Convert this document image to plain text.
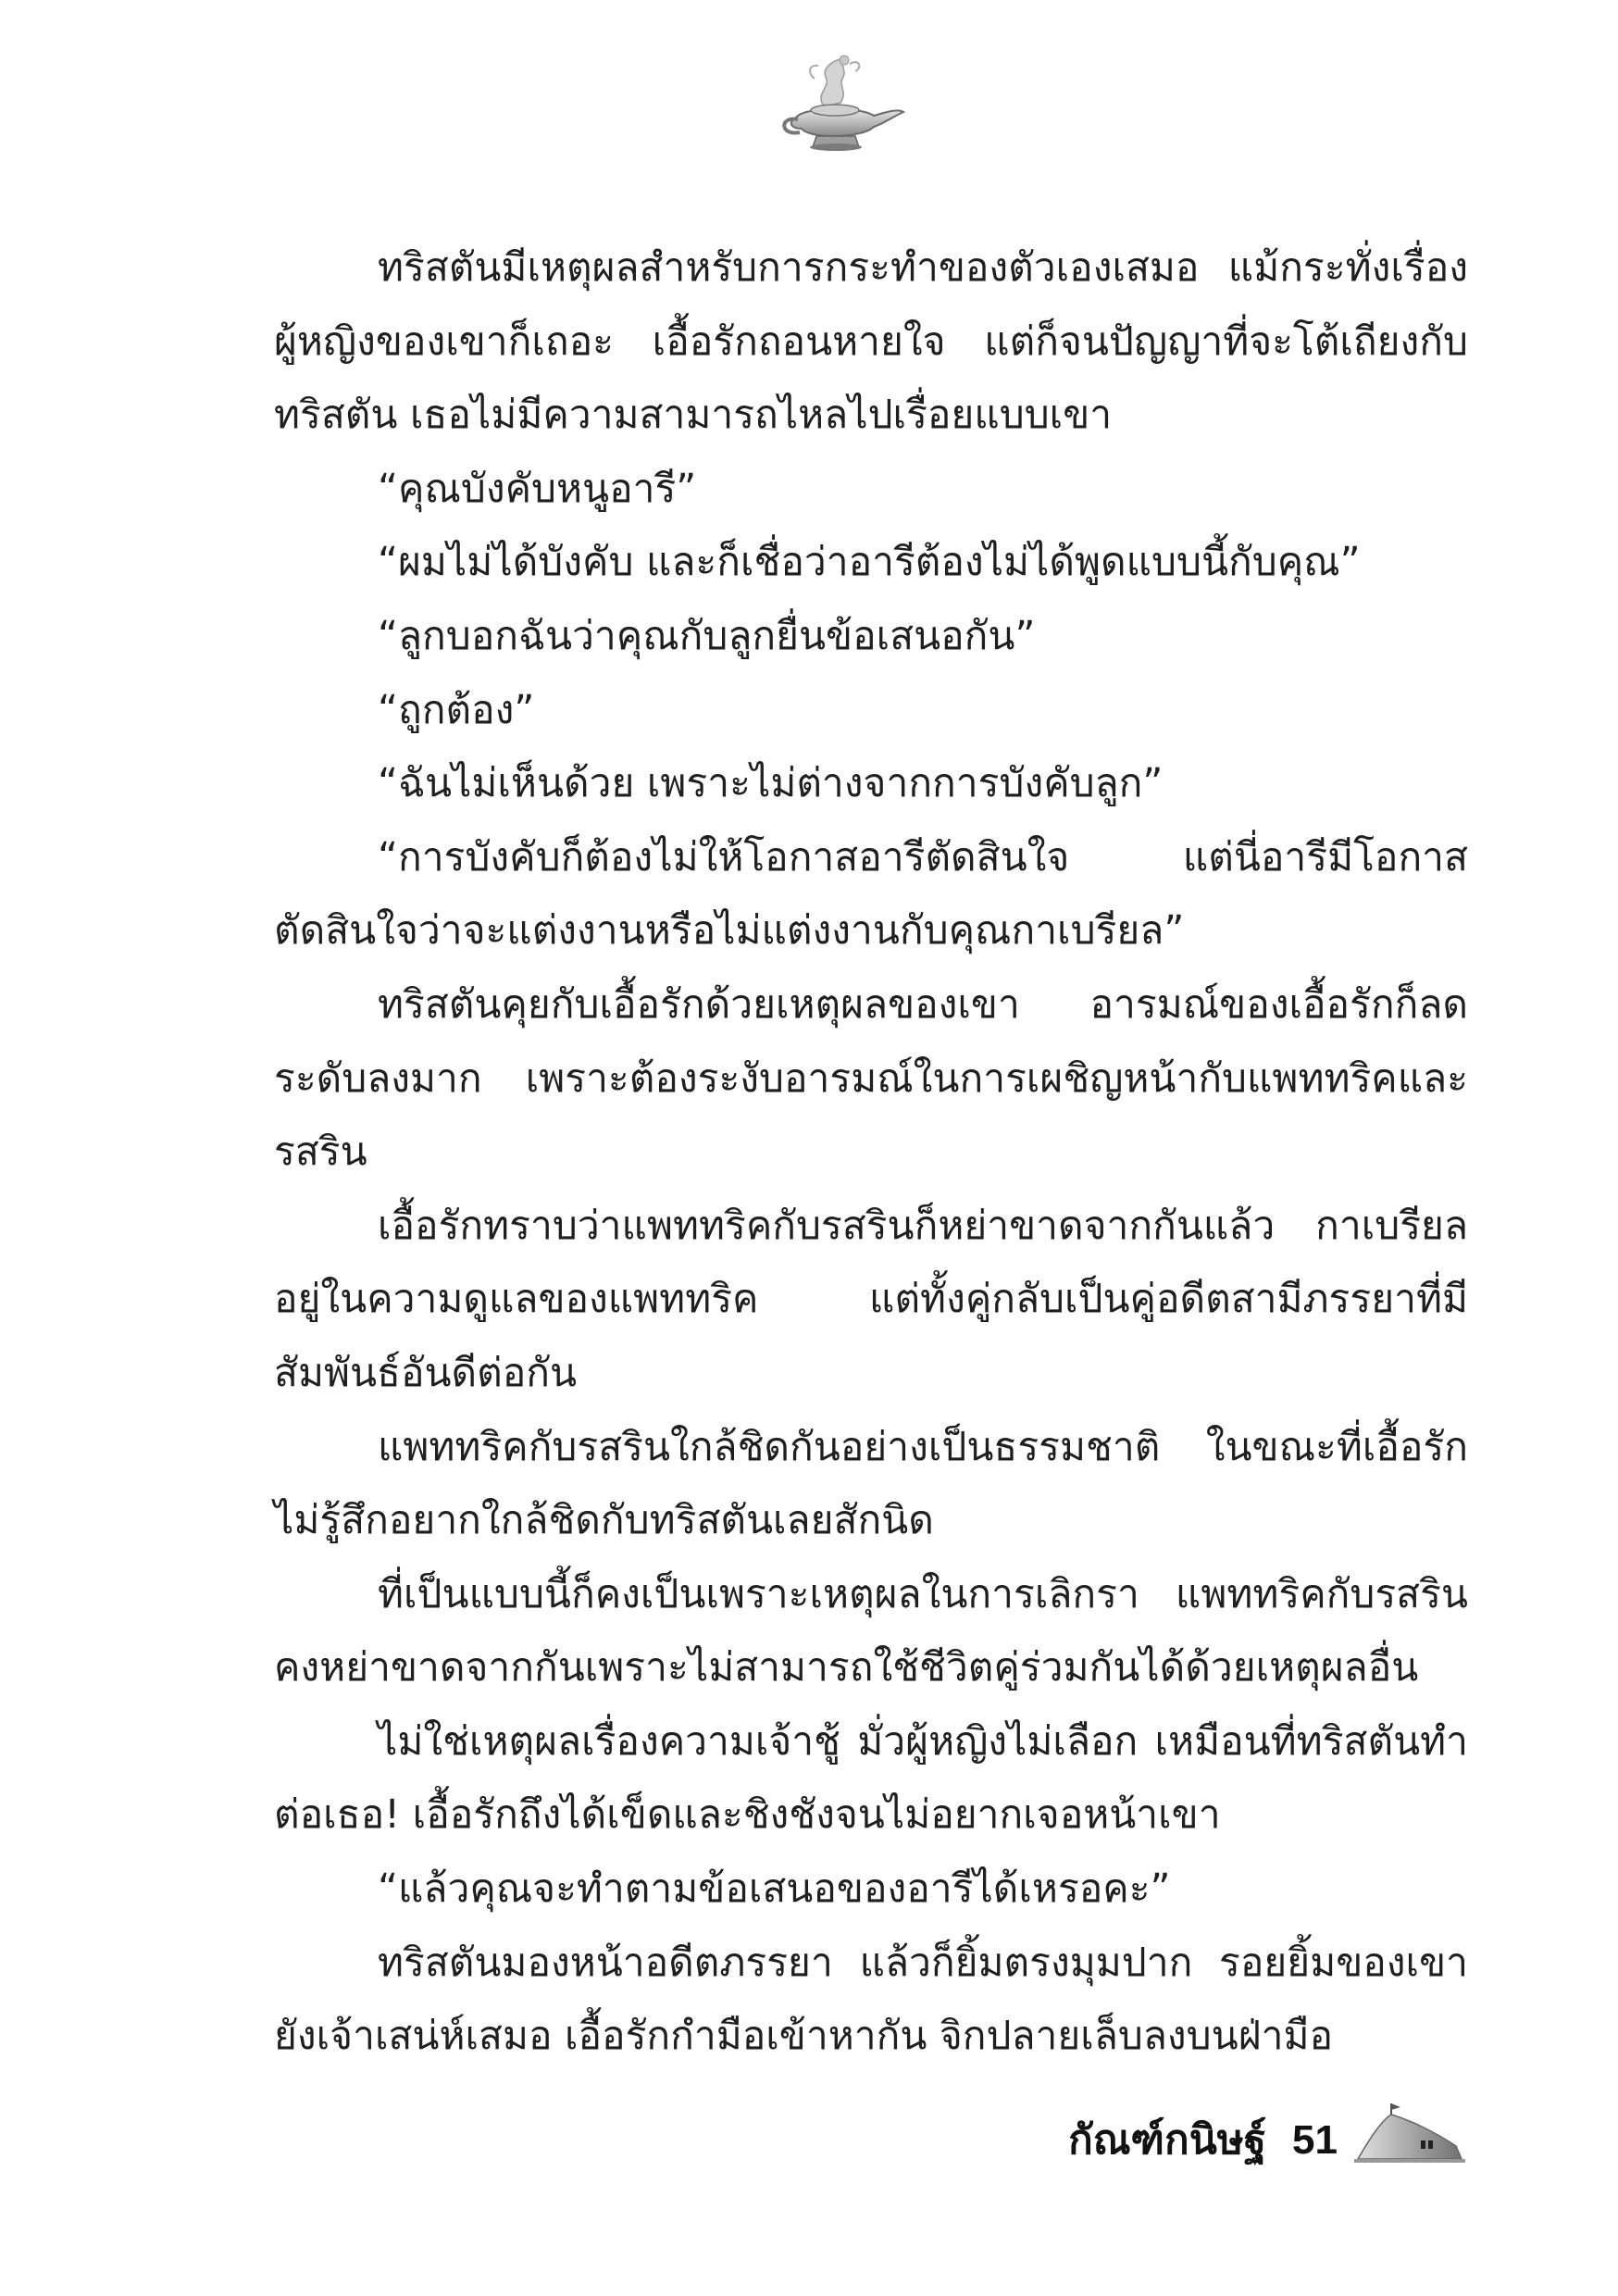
ทริสตันมีเหตุผลสำหรับการกระทำของตัวเองเสมอ แม้กระทั่งเรื่องผู้หญิงของเขาก็เถอะ เอื้อรักถอนหายใจ แต่ก็จนปัญญาที่จะโต้เถียงกับทริสตัน เธอไม่มีความสามารถไหลไปเรื่อยแบบเขา

“คุณบังคับหนูอารี”

“ผมไม่ได้บังคับ และก็เชื่อว่าอารีต้องไม่ได้พูดแบบนี้กับคุณ”

“ลูกบอกฉันว่าคุณกับลูกยื่นข้อเสนอกัน”

“ถูกต้อง”

“ฉันไม่เห็นด้วย เพราะไม่ต่างจากการบังคับลูก”

“การบังคับก็ต้องไม่ให้โอกาสอารีตัดสินใจ แต่นี่อารีมีโอกาสตัดสินใจว่าจะแต่งงานหรือไม่แต่งงานกับคุณกาเบรียล”

ทริสตันคุยกับเอื้อรักด้วยเหตุผลของเขา อารมณ์ของเอื้อรักก็ลดระดับลงมาก เพราะต้องระงับอารมณ์ในการเผชิญหน้ากับแพททริคและรสริน

เอื้อรักทราบว่าแพททริคกับรสรินก็หย่าขาดจากกันแล้ว กาเบรียลอยู่ในความดูแลของแพททริค แต่ทั้งคู่กลับเป็นคู่อดีตสามีภรรยาที่มีสัมพันธ์อันดีต่อกัน

แพททริคกับรสรินใกล้ชิดกันอย่างเป็นธรรมชาติ ในขณะที่เอื้อรักไม่รู้สึกอยากใกล้ชิดกับทริสตันเลยสักนิด

ที่เป็นแบบนี้ก็คงเป็นเพราะเหตุผลในการเลิกรา แพททริคกับรสรินคงหย่าขาดจากกันเพราะไม่สามารถใช้ชีวิตคู่ร่วมกันได้ด้วยเหตุผลอื่น

ไม่ใช่เหตุผลเรื่องความเจ้าชู้ มั่วผู้หญิงไม่เลือก เหมือนที่ทริสตันทำต่อเธอ! เอื้อรักถึงได้เข็ดและชิงชังจนไม่อยากเจอหน้าเขา

“แล้วคุณจะทำตามข้อเสนอของอารีได้เหรอคะ”

ทริสตันมองหน้าอดีตภรรยา แล้วก็ยิ้มตรงมุมปาก รอยยิ้มของเขายังเจ้าเสน่ห์เสมอ เอื้อรักกำมือเข้าหากัน จิกปลายเล็บลงบนฝ่ามือ

กัณฑ์กนิษฐ์ 51
